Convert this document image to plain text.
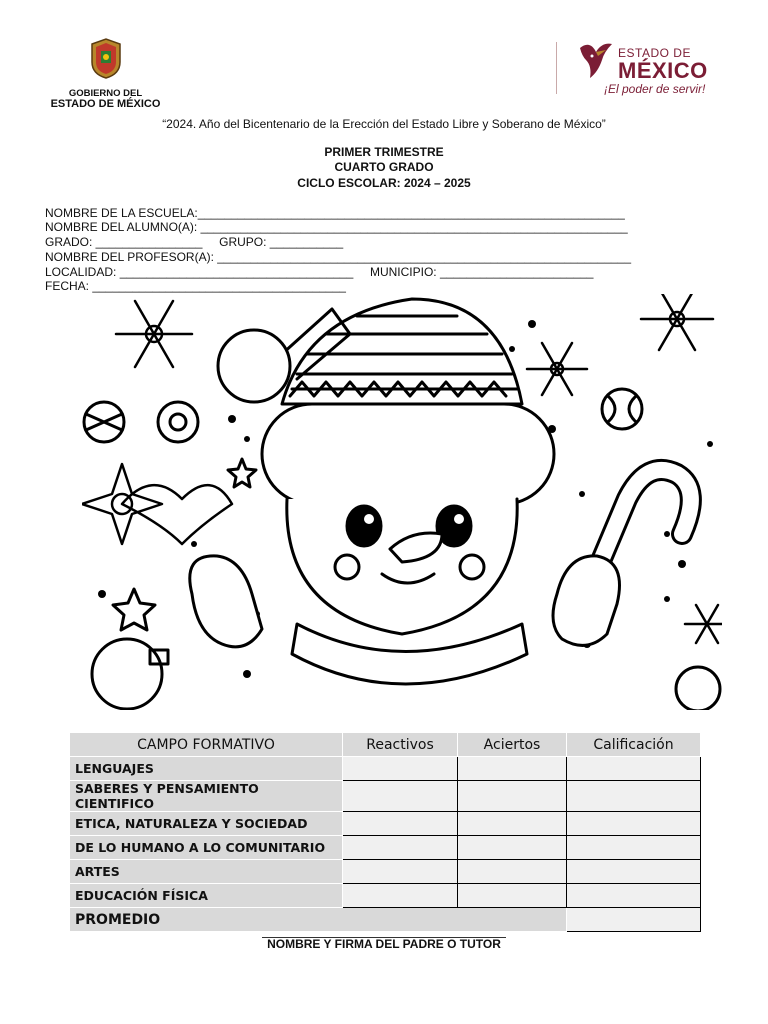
GOBIERNO DEL
ESTADO DE MÉXICO
ESTADO DE
MÉXICO
¡El poder de servir!
“2024. Año del Bicentenario de la Erección del Estado Libre y Soberano de México”
PRIMER TRIMESTRE
CUARTO GRADO
CICLO ESCOLAR: 2024 – 2025
NOMBRE DE LA ESCUELA:________________________________________________________________
NOMBRE DEL ALUMNO(A): ________________________________________________________________
GRADO: ________________     GRUPO: ___________
NOMBRE DEL PROFESOR(A): ______________________________________________________________
LOCALIDAD: ___________________________________     MUNICIPIO: _______________________
FECHA: ______________________________________
CAMPO FORMATIVO	Reactivos	Aciertos	Calificación
LENGUAJES			
SABERES Y PENSAMIENTO CIENTIFICO			
ETICA, NATURALEZA Y SOCIEDAD			
DE LO HUMANO A LO COMUNITARIO			
ARTES			
EDUCACIÓN FÍSICA			
PROMEDIO			
NOMBRE Y FIRMA DEL PADRE O TUTOR
